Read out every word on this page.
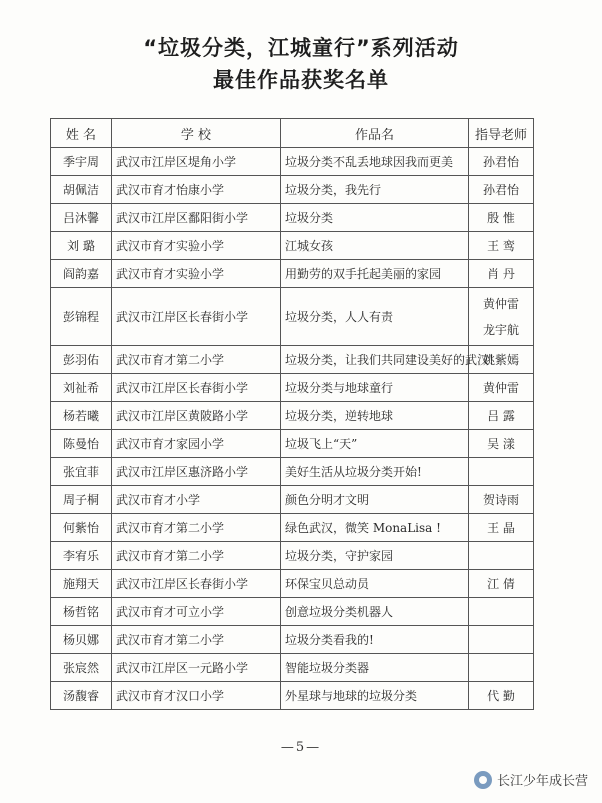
“垃圾分类，江城童行”系列活动
最佳作品获奖名单
姓 名	学 校	作品名	指导老师
季宇周	武汉市江岸区堤角小学	垃圾分类不乱丢地球因我而更美	孙君怡

胡佩洁	武汉市育才怡康小学	垃圾分类，我先行	孙君怡

吕沐馨	武汉市江岸区鄱阳街小学	垃圾分类	殷 惟

刘 璐	武汉市育才实验小学	江城女孩	王 鸾

阎韵嘉	武汉市育才实验小学	用勤劳的双手托起美丽的家园	肖 丹

彭锦程	武汉市江岸区长春街小学	垃圾分类，人人有责	黄仲雷
龙宇航

彭羽佑	武汉市育才第二小学	垃圾分类，让我们共同建设美好的武汉!	姚紫嫣

刘祉希	武汉市江岸区长春街小学	垃圾分类与地球童行	黄仲雷

杨若曦	武汉市江岸区黄陂路小学	垃圾分类，逆转地球	吕 露

陈曼怡	武汉市育才家园小学	垃圾飞上“天”	吴 漾

张宜菲	武汉市江岸区惠济路小学	美好生活从垃圾分类开始!	

周子桐	武汉市育才小学	颜色分明才文明	贺诗雨

何紫怡	武汉市育才第二小学	绿色武汉，微笑 MonaLisa !	王 晶

李宥乐	武汉市育才第二小学	垃圾分类，守护家园	

施翔天	武汉市江岸区长春街小学	环保宝贝总动员	江 倩

杨哲铭	武汉市育才可立小学	创意垃圾分类机器人	

杨贝娜	武汉市育才第二小学	垃圾分类看我的!	

张宸然	武汉市江岸区一元路小学	智能垃圾分类器	

汤馥睿	武汉市育才汉口小学	外星球与地球的垃圾分类	代 勤
—5—
长江少年成长营
